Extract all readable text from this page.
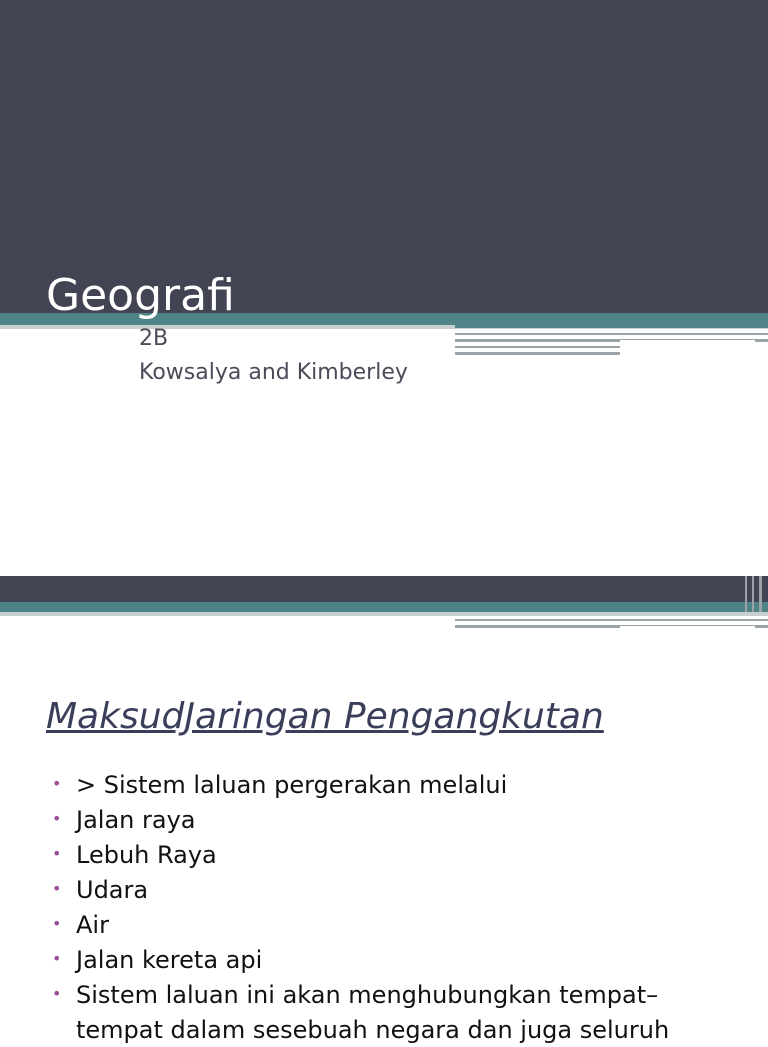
Geografi
2B
Kowsalya and Kimberley
MaksudJaringan Pengangkutan
• > Sistem laluan pergerakan melalui
• Jalan raya
• Lebuh Raya
• Udara
• Air
• Jalan kereta api
• Sistem laluan ini akan menghubungkan tempat–
tempat dalam sesebuah negara dan juga seluruh
